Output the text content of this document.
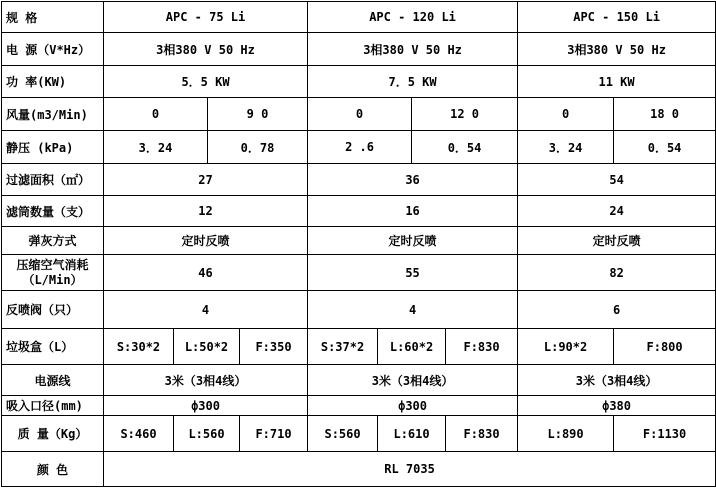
规 格	APC - 75 Li				APC - 120 Li				APC - 150 Li	
电 源（V*Hz）	3相380 V 50 Hz				3相380 V 50 Hz				3相380 V 50 Hz	
功 率(KW)	5．5 KW				7．5 KW				11 KW	
风量(m3/Min)	0		9 0		0		12 0		0	18 0
静压 (kPa)	3．24		0．78		2 .6		0．54		3．24	0．54
过滤面积（㎡）	27				36				54	
滤筒数量（支）	12				16				24	
弹灰方式	定时反喷				定时反喷				定时反喷	
压缩空气消耗（L/Min）	46				55				82	
反喷阀（只）	4				4				6	
垃圾盒（L）	S:30*2	L:50*2		F:350	S:37*2	L:60*2		F:830	L:90*2	F:800
电源线	3米（3相4线）				3米（3相4线）				3米（3相4线）	
吸入口径(mm)	ф300				ф300				ф380	
质 量（Kg）	S:460	L:560		F:710	S:560	L:610		F:830	L:890	F:1130
颜 色	RL 7035									
